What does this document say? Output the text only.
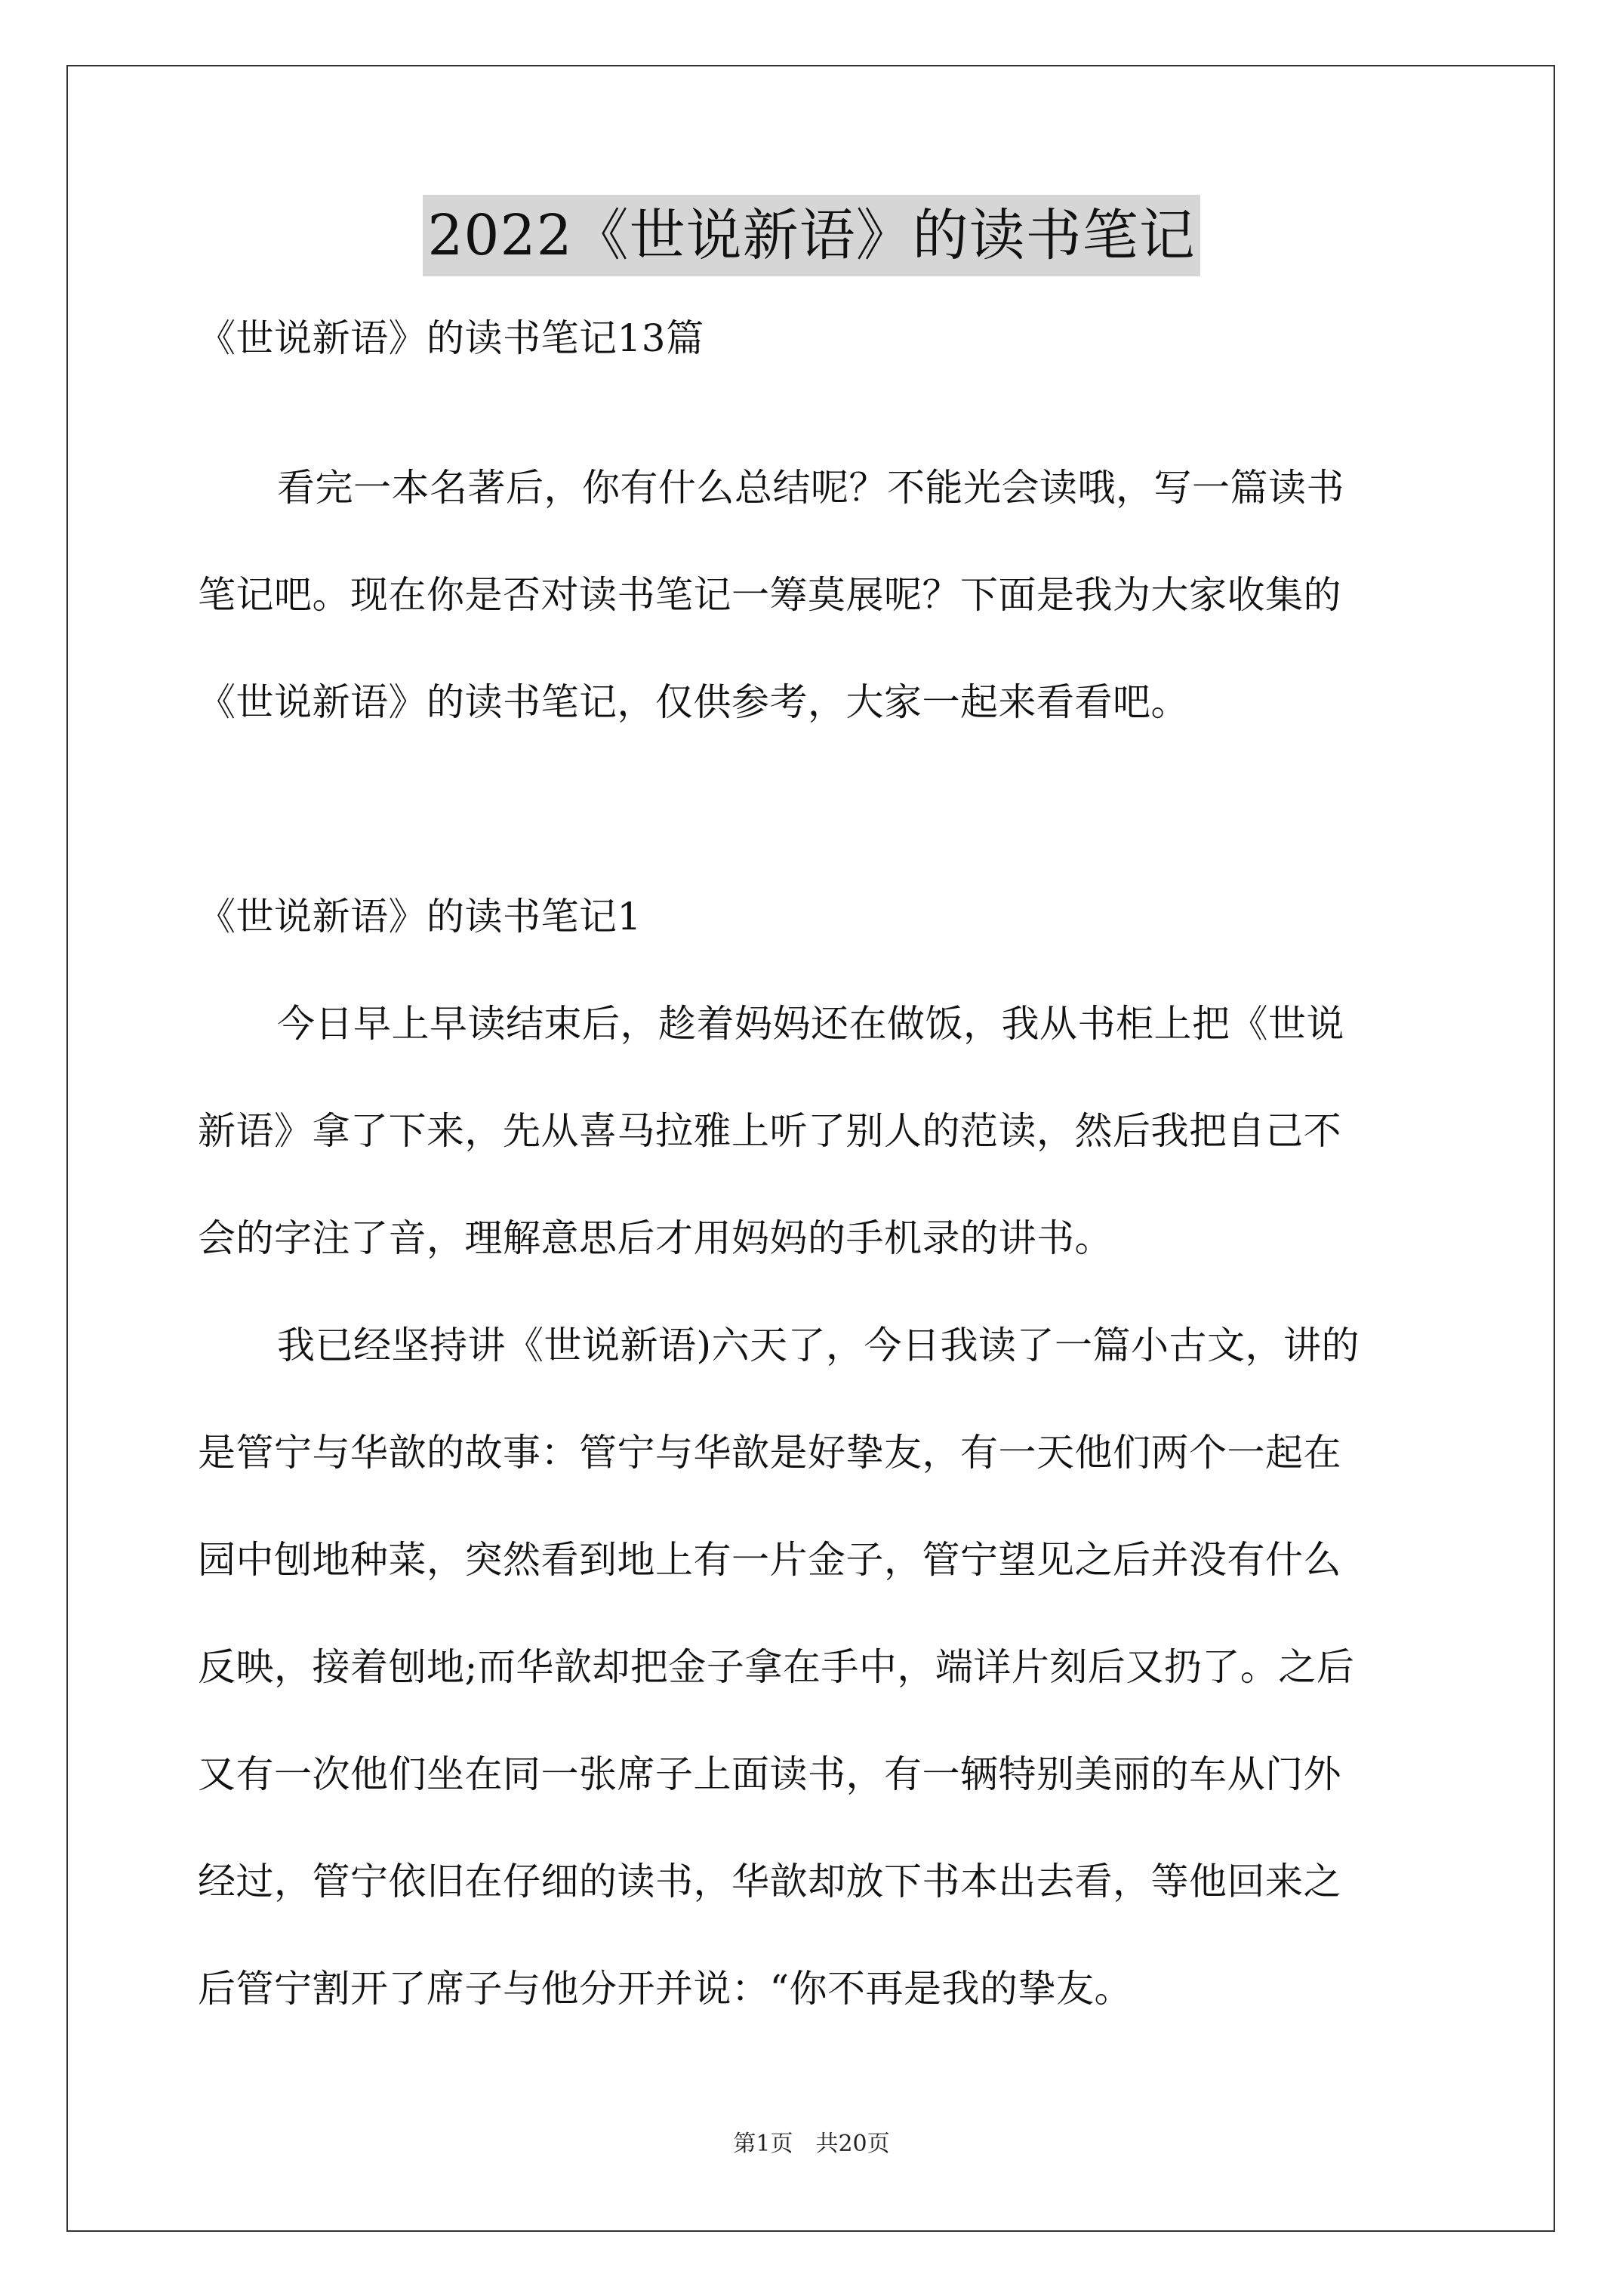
2022《世说新语》的读书笔记
《世说新语》的读书笔记13篇
看完一本名著后，你有什么总结呢？不能光会读哦，写一篇读书
笔记吧。现在你是否对读书笔记一筹莫展呢？下面是我为大家收集的
《世说新语》的读书笔记，仅供参考，大家一起来看看吧。
《世说新语》的读书笔记1
今日早上早读结束后，趁着妈妈还在做饭，我从书柜上把《世说
新语》拿了下来，先从喜马拉雅上听了别人的范读，然后我把自己不
会的字注了音，理解意思后才用妈妈的手机录的讲书。
我已经坚持讲《世说新语)六天了，今日我读了一篇小古文，讲的
是管宁与华歆的故事：管宁与华歆是好挚友，有一天他们两个一起在
园中刨地种菜，突然看到地上有一片金子，管宁望见之后并没有什么
反映，接着刨地;而华歆却把金子拿在手中，端详片刻后又扔了。之后
又有一次他们坐在同一张席子上面读书，有一辆特别美丽的车从门外
经过，管宁依旧在仔细的读书，华歆却放下书本出去看，等他回来之
后管宁割开了席子与他分开并说：“你不再是我的挚友。
第1页　共20页
